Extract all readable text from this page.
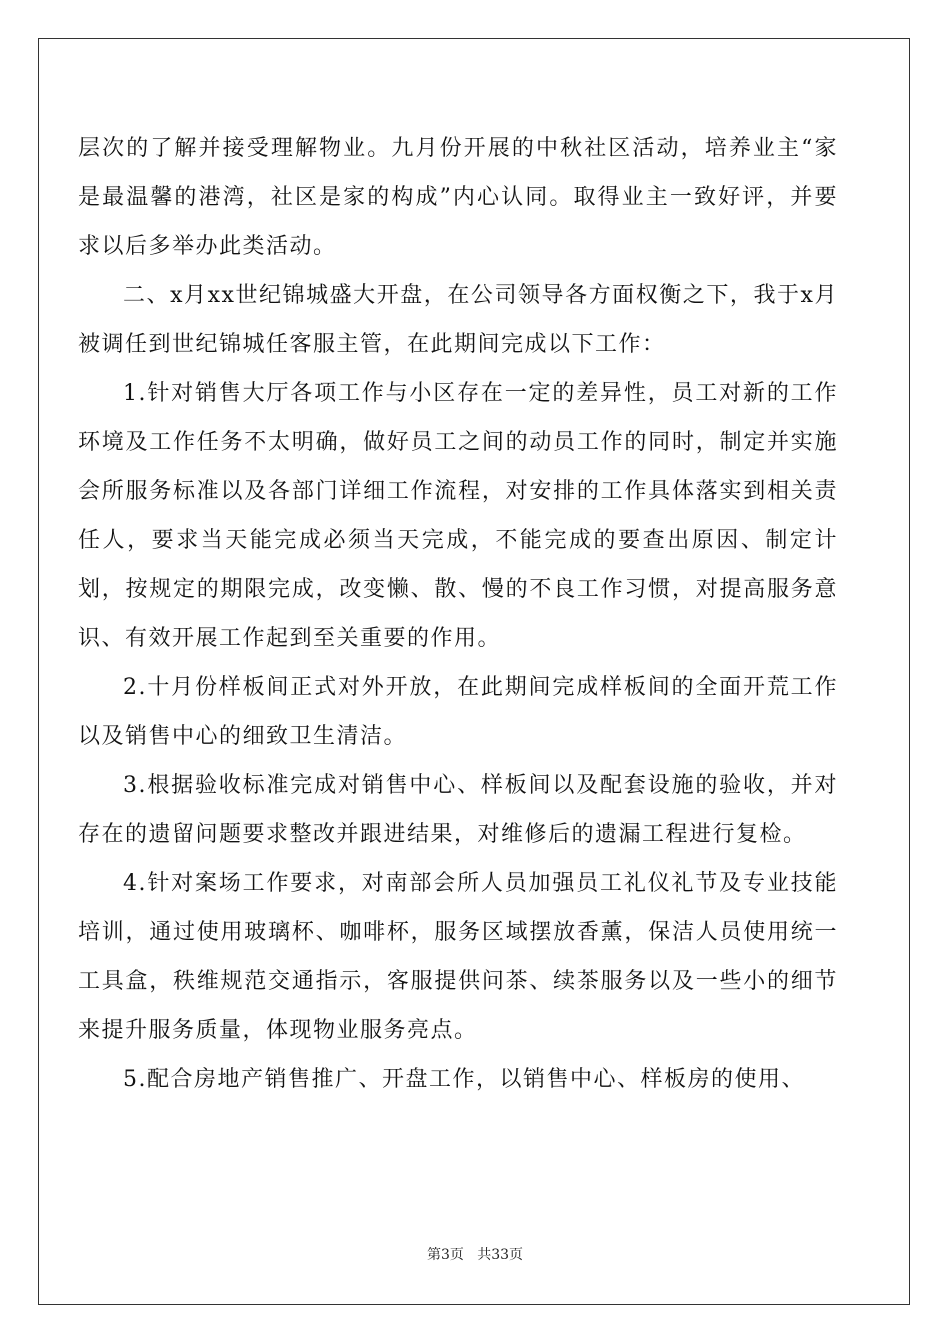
层次的了解并接受理解物业。九月份开展的中秋社区活动，培养业主“家是最温馨的港湾，社区是家的构成”内心认同。取得业主一致好评，并要求以后多举办此类活动。

二、x月xx世纪锦城盛大开盘，在公司领导各方面权衡之下，我于x月被调任到世纪锦城任客服主管，在此期间完成以下工作：

1.针对销售大厅各项工作与小区存在一定的差异性，员工对新的工作环境及工作任务不太明确，做好员工之间的动员工作的同时，制定并实施会所服务标准以及各部门详细工作流程，对安排的工作具体落实到相关责任人，要求当天能完成必须当天完成，不能完成的要查出原因、制定计划，按规定的期限完成，改变懒、散、慢的不良工作习惯，对提高服务意识、有效开展工作起到至关重要的作用。

2.十月份样板间正式对外开放，在此期间完成样板间的全面开荒工作以及销售中心的细致卫生清洁。

3.根据验收标准完成对销售中心、样板间以及配套设施的验收，并对存在的遗留问题要求整改并跟进结果，对维修后的遗漏工程进行复检。

4.针对案场工作要求，对南部会所人员加强员工礼仪礼节及专业技能培训，通过使用玻璃杯、咖啡杯，服务区域摆放香薰，保洁人员使用统一工具盒，秩维规范交通指示，客服提供问茶、续茶服务以及一些小的细节来提升服务质量，体现物业服务亮点。

5.配合房地产销售推广、开盘工作，以销售中心、样板房的使用、

第3页   共33页
